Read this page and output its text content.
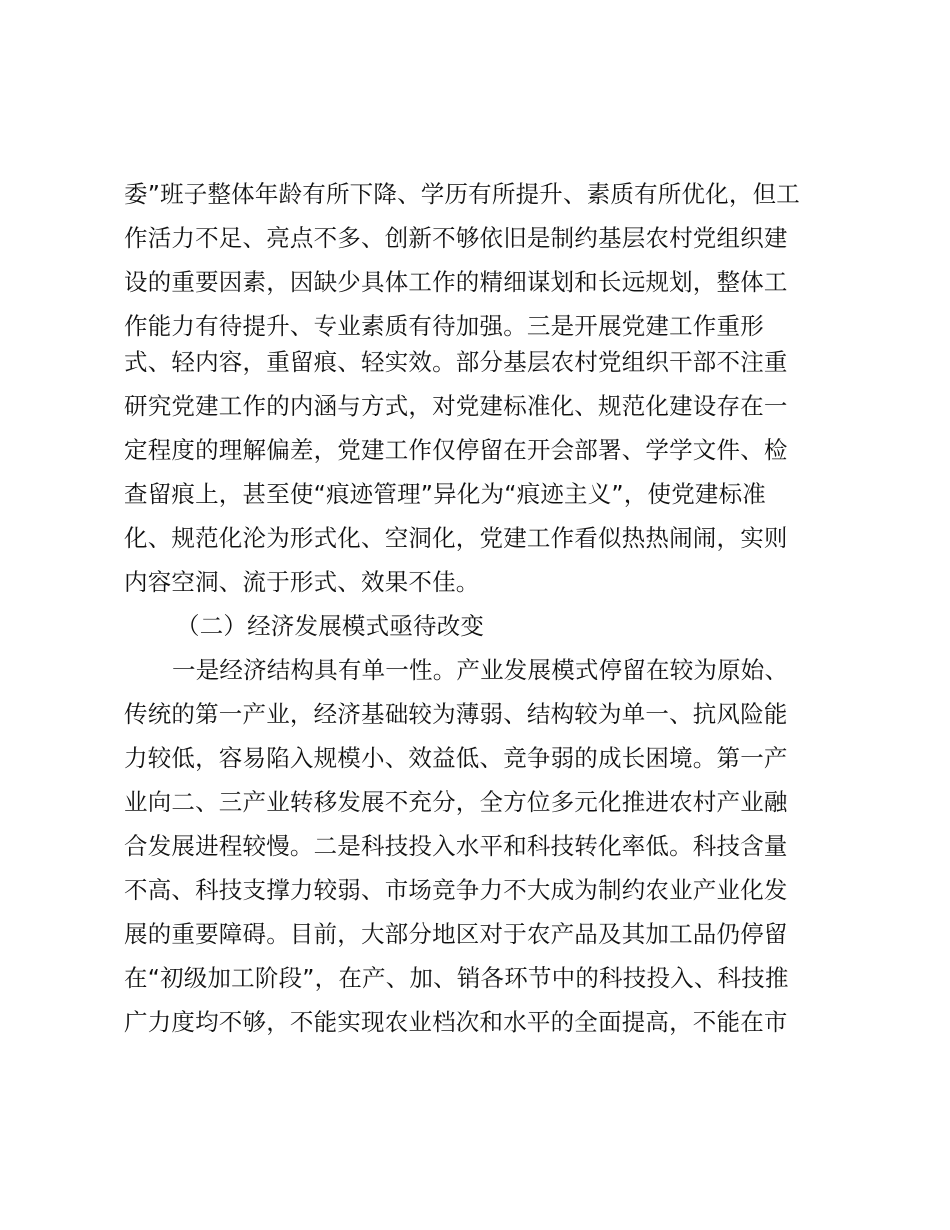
委”班子整体年龄有所下降、学历有所提升、素质有所优化，但工
作活力不足、亮点不多、创新不够依旧是制约基层农村党组织建
设的重要因素，因缺少具体工作的精细谋划和长远规划，整体工
作能力有待提升、专业素质有待加强。三是开展党建工作重形
式、轻内容，重留痕、轻实效。部分基层农村党组织干部不注重
研究党建工作的内涵与方式，对党建标准化、规范化建设存在一
定程度的理解偏差，党建工作仅停留在开会部署、学学文件、检
查留痕上，甚至使“痕迹管理”异化为“痕迹主义”，使党建标准
化、规范化沦为形式化、空洞化，党建工作看似热热闹闹，实则
内容空洞、流于形式、效果不佳。
（二）经济发展模式亟待改变
一是经济结构具有单一性。产业发展模式停留在较为原始、
传统的第一产业，经济基础较为薄弱、结构较为单一、抗风险能
力较低，容易陷入规模小、效益低、竞争弱的成长困境。第一产
业向二、三产业转移发展不充分，全方位多元化推进农村产业融
合发展进程较慢。二是科技投入水平和科技转化率低。科技含量
不高、科技支撑力较弱、市场竞争力不大成为制约农业产业化发
展的重要障碍。目前，大部分地区对于农产品及其加工品仍停留
在“初级加工阶段”，在产、加、销各环节中的科技投入、科技推
广力度均不够，不能实现农业档次和水平的全面提高，不能在市
